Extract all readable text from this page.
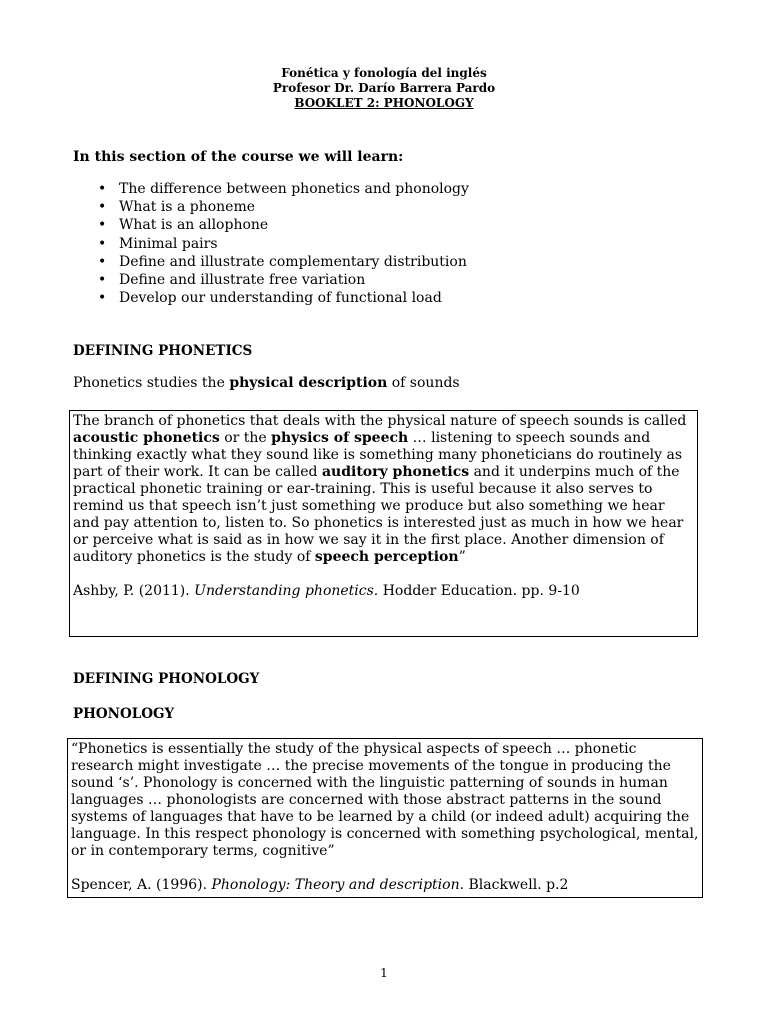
Fonética y fonología del inglés
Profesor Dr. Darío Barrera Pardo
BOOKLET 2: PHONOLOGY
In this section of the course we will learn:
• The difference between phonetics and phonology
• What is a phoneme
• What is an allophone
• Minimal pairs
• Define and illustrate complementary distribution
• Define and illustrate free variation
• Develop our understanding of functional load
DEFINING PHONETICS
Phonetics studies the physical description of sounds

The branch of phonetics that deals with the physical nature of speech sounds is called acoustic phonetics or the physics of speech … listening to speech sounds and thinking exactly what they sound like is something many phoneticians do routinely as part of their work. It can be called auditory phonetics and it underpins much of the practical phonetic training or ear-training. This is useful because it also serves to remind us that speech isn’t just something we produce but also something we hear and pay attention to, listen to. So phonetics is interested just as much in how we hear or perceive what is said as in how we say it in the first place. Another dimension of auditory phonetics is the study of speech perception”

Ashby, P. (2011). Understanding phonetics. Hodder Education. pp. 9-10

DEFINING PHONOLOGY
PHONOLOGY

“Phonetics is essentially the study of the physical aspects of speech … phonetic research might investigate … the precise movements of the tongue in producing the sound ‘s’. Phonology is concerned with the linguistic patterning of sounds in human languages … phonologists are concerned with those abstract patterns in the sound systems of languages that have to be learned by a child (or indeed adult) acquiring the language. In this respect phonology is concerned with something psychological, mental, or in contemporary terms, cognitive”

Spencer, A. (1996). Phonology: Theory and description. Blackwell. p.2

1
